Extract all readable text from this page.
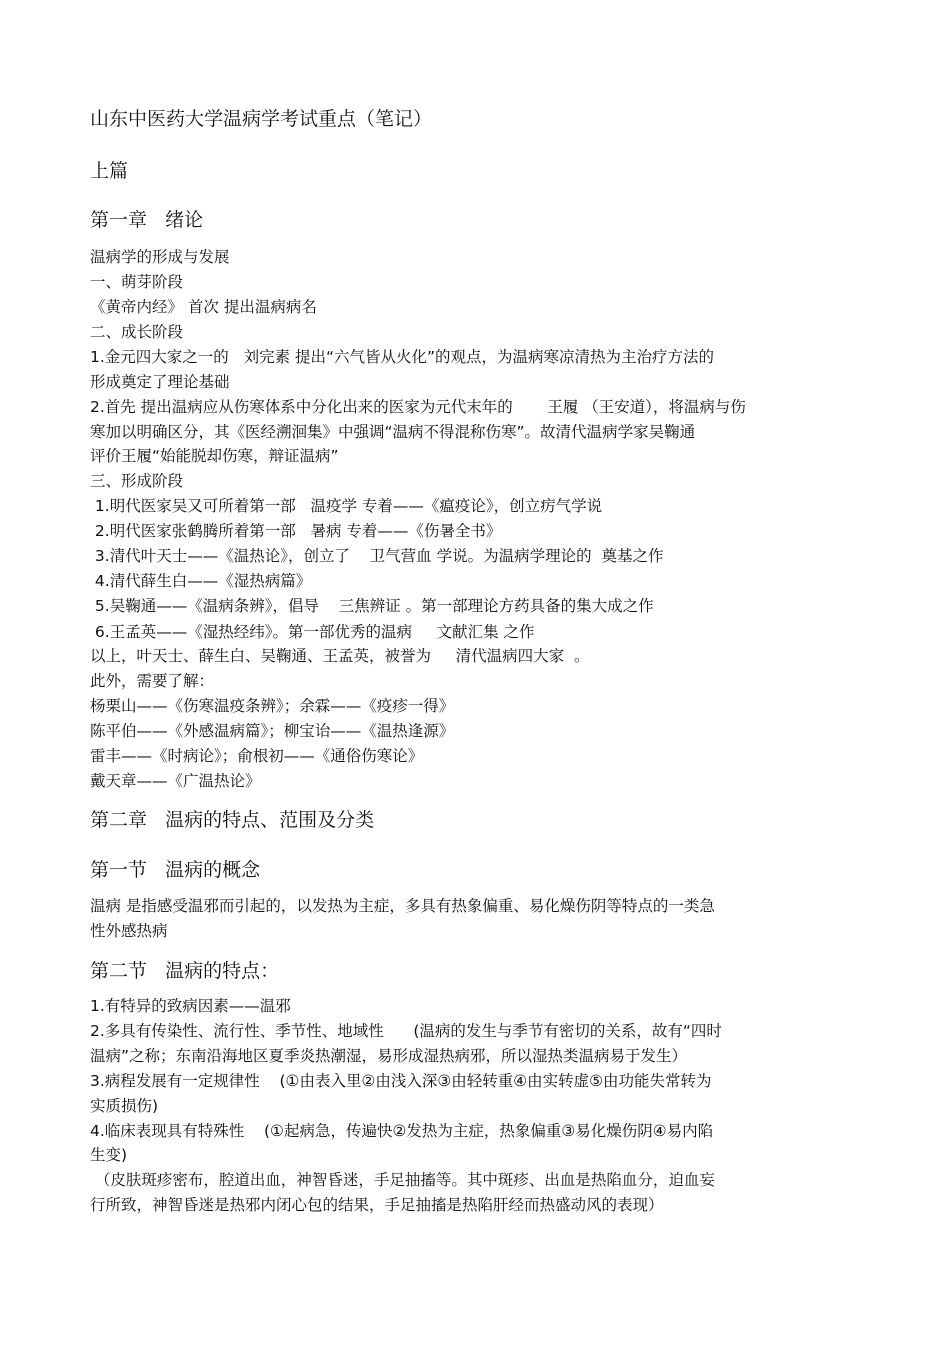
山东中医药大学温病学考试重点（笔记）
上篇
第一章   绪论
温病学的形成与发展
一、萌芽阶段
《黄帝内经》 首次 提出温病病名
二、成长阶段
1.金元四大家之一的   刘完素 提出“六气皆从火化”的观点，为温病寒凉清热为主治疗方法的
形成奠定了理论基础
2.首先 提出温病应从伤寒体系中分化出来的医家为元代末年的       王履 （王安道），将温病与伤
寒加以明确区分，其《医经溯洄集》中强调“温病不得混称伤寒”。故清代温病学家吴鞠通
评价王履“始能脱却伤寒，辩证温病”
三、形成阶段
1.明代医家吴又可所着第一部   温疫学 专着——《瘟疫论》，创立疠气学说
2.明代医家张鹤腾所着第一部   暑病 专着——《伤暑全书》
3.清代叶天士——《温热论》，创立了    卫气营血 学说。为温病学理论的  奠基之作
4.清代薛生白——《湿热病篇》
5.吴鞠通——《温病条辨》，倡导    三焦辨证 。第一部理论方药具备的集大成之作
6.王孟英——《湿热经纬》。第一部优秀的温病     文献汇集 之作
以上，叶天士、薛生白、吴鞠通、王孟英，被誉为     清代温病四大家  。
此外，需要了解：
杨栗山——《伤寒温疫条辨》；余霖——《疫疹一得》
陈平伯——《外感温病篇》；柳宝诒——《温热逢源》
雷丰——《时病论》；俞根初——《通俗伤寒论》
戴天章——《广温热论》
第二章   温病的特点、范围及分类
第一节   温病的概念
温病 是指感受温邪而引起的，以发热为主症，多具有热象偏重、易化燥伤阴等特点的一类急
性外感热病
第二节   温病的特点：
1.有特异的致病因素——温邪
2.多具有传染性、流行性、季节性、地域性      (温病的发生与季节有密切的关系，故有“四时
温病”之称；东南沿海地区夏季炎热潮湿，易形成湿热病邪，所以湿热类温病易于发生）
3.病程发展有一定规律性    (①由表入里②由浅入深③由轻转重④由实转虚⑤由功能失常转为
实质损伤)
4.临床表现具有特殊性    (①起病急，传遍快②发热为主症，热象偏重③易化燥伤阴④易内陷
生变)
（皮肤斑疹密布，腔道出血，神智昏迷，手足抽搐等。其中斑疹、出血是热陷血分，迫血妄
行所致，神智昏迷是热邪内闭心包的结果，手足抽搐是热陷肝经而热盛动风的表现）
